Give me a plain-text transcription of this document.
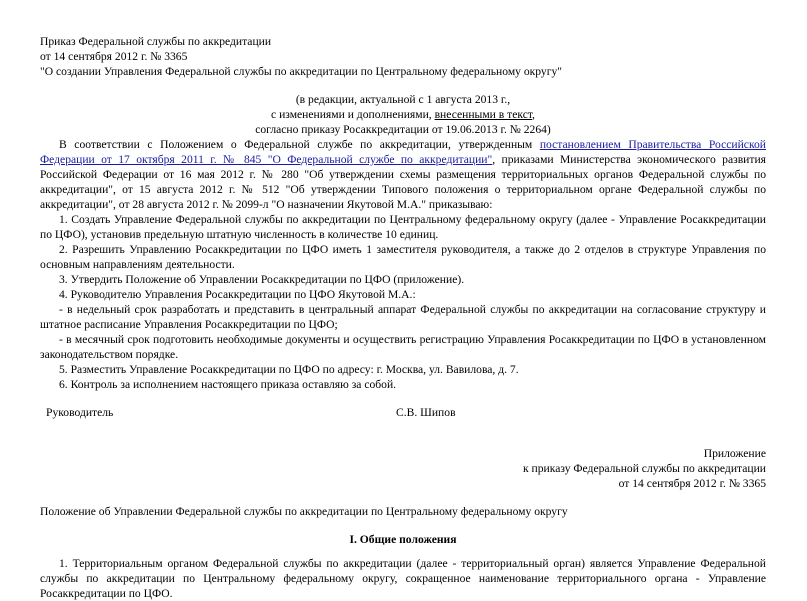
Приказ Федеральной службы по аккредитации

от 14 сентября 2012 г. № 3365

"О создании Управления Федеральной службы по аккредитации по Центральному федеральному округу"

(в редакции, актуальной с 1 августа 2013 г.,

с изменениями и дополнениями, внесенными в текст,

согласно приказу Росаккредитации от 19.06.2013 г. № 2264)

В соответствии с Положением о Федеральной службе по аккредитации, утвержденным постановлением Правительства Российской Федерации от 17 октября 2011 г. № 845 "О Федеральной службе по аккредитации", приказами Министерства экономического развития Российской Федерации от 16 мая 2012 г. № 280 "Об утверждении схемы размещения территориальных органов Федеральной службы по аккредитации", от 15 августа 2012 г. № 512 "Об утверждении Типового положения о территориальном органе Федеральной службы по аккредитации", от 28 августа 2012 г. № 2099-л "О назначении Якутовой М.А." приказываю:

1. Создать Управление Федеральной службы по аккредитации по Центральному федеральному округу (далее - Управление Росаккредитации по ЦФО), установив предельную штатную численность в количестве 10 единиц.

2. Разрешить Управлению Росаккредитации по ЦФО иметь 1 заместителя руководителя, а также до 2 отделов в структуре Управления по основным направлениям деятельности.

3. Утвердить Положение об Управлении Росаккредитации по ЦФО (приложение).

4. Руководителю Управления Росаккредитации по ЦФО Якутовой М.А.:

- в недельный срок разработать и представить в центральный аппарат Федеральной службы по аккредитации на согласование структуру и штатное расписание Управления Росаккредитации по ЦФО;

- в месячный срок подготовить необходимые документы и осуществить регистрацию Управления Росаккредитации по ЦФО в установленном законодательством порядке.

5. Разместить Управление Росаккредитации по ЦФО по адресу: г. Москва, ул. Вавилова, д. 7.

6. Контроль за исполнением настоящего приказа оставляю за собой.

Руководитель	С.В. Шипов

Приложение

к приказу Федеральной службы по аккредитации

от 14 сентября 2012 г. № 3365

Положение об Управлении Федеральной службы по аккредитации по Центральному федеральному округу

I. Общие положения

1. Территориальным органом Федеральной службы по аккредитации (далее - территориальный орган) является Управление Федеральной службы по аккредитации по Центральному федеральному округу, сокращенное наименование территориального органа - Управление Росаккредитации по ЦФО.
